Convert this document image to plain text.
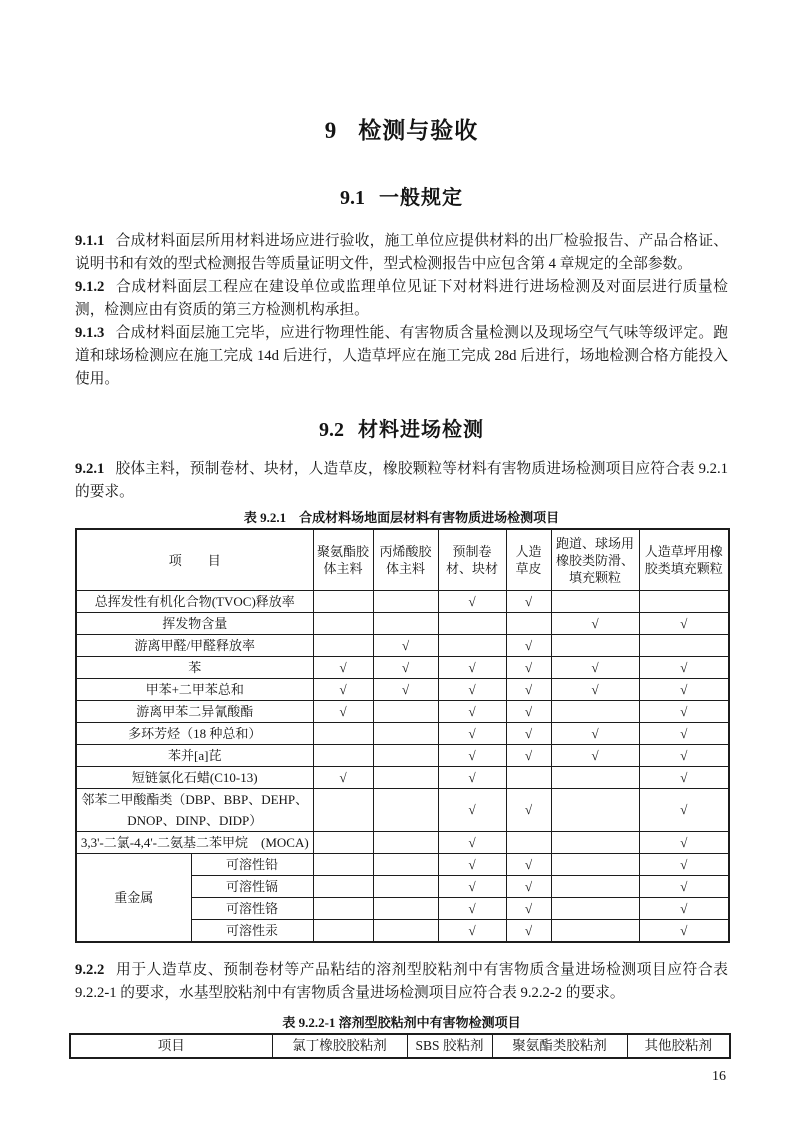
9 检测与验收
9.1 一般规定

9.1.1 合成材料面层所用材料进场应进行验收，施工单位应提供材料的出厂检验报告、产品合格证、说明书和有效的型式检测报告等质量证明文件，型式检测报告中应包含第 4 章规定的全部参数。

9.1.2 合成材料面层工程应在建设单位或监理单位见证下对材料进行进场检测及对面层进行质量检测，检测应由有资质的第三方检测机构承担。

9.1.3 合成材料面层施工完毕，应进行物理性能、有害物质含量检测以及现场空气气味等级评定。跑道和球场检测应在施工完成 14d 后进行，人造草坪应在施工完成 28d 后进行，场地检测合格方能投入使用。

9.2 材料进场检测

9.2.1 胶体主料，预制卷材、块材，人造草皮，橡胶颗粒等材料有害物质进场检测项目应符合表 9.2.1 的要求。

表 9.2.1　合成材料场地面层材料有害物质进场检测项目
项　　目		聚氨酯胶体主料	丙烯酸胶体主料	预制卷材、块材	人造草皮	跑道、球场用橡胶类防滑、填充颗粒	人造草坪用橡胶类填充颗粒
总挥发性有机化合物(TVOC)释放率				√	√		
挥发物含量						√	√
游离甲醛/甲醛释放率			√		√		
苯		√	√	√	√	√	√
甲苯+二甲苯总和		√	√	√	√	√	√
游离甲苯二异氰酸酯		√		√	√		√
多环芳烃（18 种总和）				√	√	√	√
苯并[a]芘				√	√	√	√
短链氯化石蜡(C10-13)		√		√			√
邻苯二甲酸酯类（DBP、BBP、DEHP、DNOP、DINP、DIDP）				√	√		√
3,3'-二氯-4,4'-二氨基二苯甲烷　(MOCA)				√			√
重金属	可溶性铅			√	√		√
	可溶性镉			√	√		√
	可溶性铬			√	√		√
	可溶性汞			√	√		√

9.2.2 用于人造草皮、预制卷材等产品粘结的溶剂型胶粘剂中有害物质含量进场检测项目应符合表 9.2.2-1 的要求，水基型胶粘剂中有害物质含量进场检测项目应符合表 9.2.2-2 的要求。

表 9.2.2-1 溶剂型胶粘剂中有害物检测项目
项目	氯丁橡胶胶粘剂	SBS 胶粘剂	聚氨酯类胶粘剂	其他胶粘剂
16
